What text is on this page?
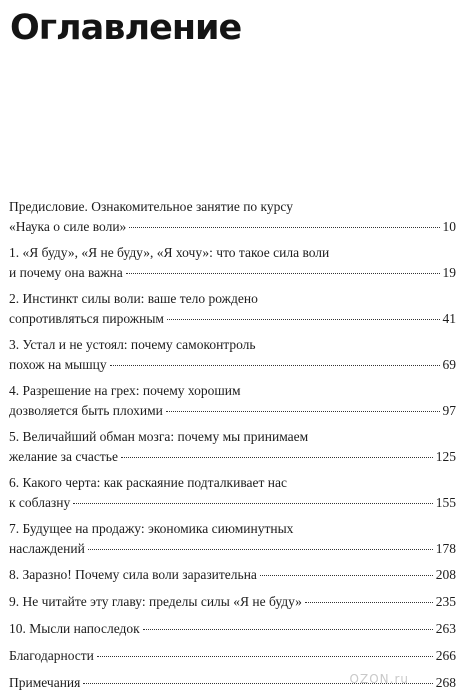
Оглавление
Предисловие. Ознакомительное занятие по курсу
«Наука о силе воли»	10
1. «Я буду», «Я не буду», «Я хочу»: что такое сила воли
и почему она важна	19
2. Инстинкт силы воли: ваше тело рождено
сопротивляться пирожным	41
3. Устал и не устоял: почему самоконтроль
похож на мышцу	69
4. Разрешение на грех: почему хорошим
дозволяется быть плохими	97
5. Величайший обман мозга: почему мы принимаем
желание за счастье	125
6. Какого черта: как раскаяние подталкивает нас
к соблазну	155
7. Будущее на продажу: экономика сиюминутных
наслаждений	178
8. Заразно! Почему сила воли заразительна	208
9. Не читайте эту главу: пределы силы «Я не буду»	235
10. Мысли напоследок	263
Благодарности	266
Примечания	268
OZON.ru
